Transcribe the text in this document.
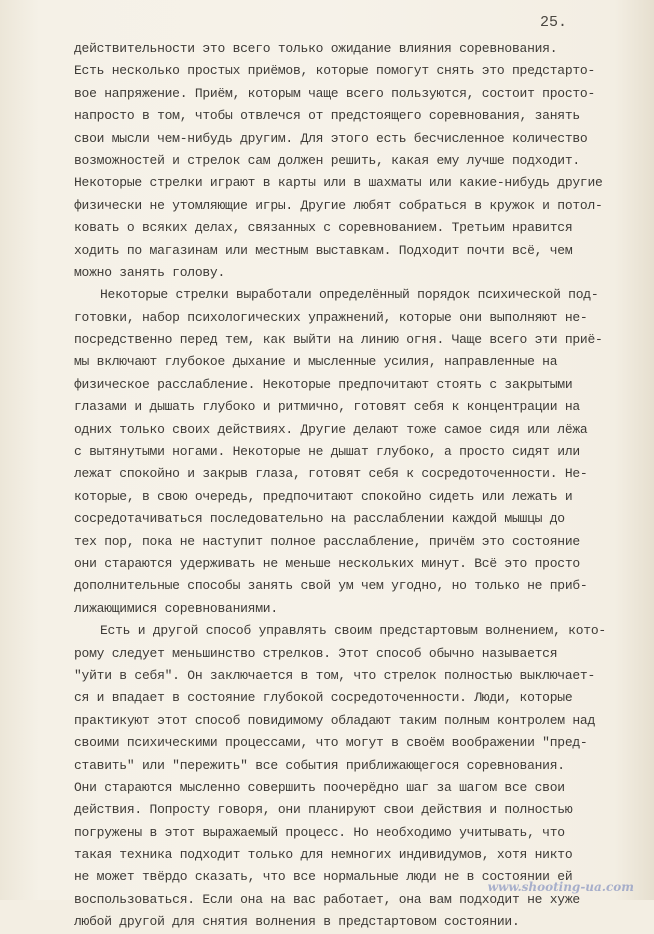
25.
действительности это всего только ожидание влияния соревнования.
Есть несколько простых приёмов, которые помогут снять это предстарто-
вое напряжение. Приём, которым чаще всего пользуются, состоит просто-
напросто в том, чтобы отвлечся от предстоящего соревнования, занять
свои мысли чем-нибудь другим. Для этого есть бесчисленное количество
возможностей и стрелок сам должен решить, какая ему лучше подходит.
Некоторые стрелки играют в карты или в шахматы или какие-нибудь другие
физически не утомляющие игры. Другие любят собраться в кружок и потол-
ковать о всяких делах, связанных с соревнованием. Третьим нравится
ходить по магазинам или местным выставкам. Подходит почти всё, чем
можно занять голову.
Некоторые стрелки выработали определённый порядок психической под-
готовки, набор психологических упражнений, которые они выполняют не-
посредственно перед тем, как выйти на линию огня. Чаще всего эти приё-
мы включают глубокое дыхание и мысленные усилия, направленные на
физическое расслабление. Некоторые предпочитают стоять с закрытыми
глазами и дышать глубоко и ритмично, готовят себя к концентрации на
одних только своих действиях. Другие делают тоже самое сидя или лёжа
с вытянутыми ногами. Некоторые не дышат глубоко, а просто сидят или
лежат спокойно и закрыв глаза, готовят себя к сосредоточенности. Не-
которые, в свою очередь, предпочитают спокойно сидеть или лежать и
сосредотачиваться последовательно на расслаблении каждой мышцы до
тех пор, пока не наступит полное расслабление, причём это состояние
они стараются удерживать не меньше нескольких минут. Всё это просто
дополнительные способы занять свой ум чем угодно, но только не приб-
лижающимися соревнованиями.
Есть и другой способ управлять своим предстартовым волнением, кото-
рому следует меньшинство стрелков. Этот способ обычно называется
"уйти в себя". Он заключается в том, что стрелок полностью выключает-
ся и впадает в состояние глубокой сосредоточенности. Люди, которые
практикуют этот способ повидимому обладают таким полным контролем над
своими психическими процессами, что могут в своём воображении "пред-
ставить" или "пережить" все события приближающегося соревнования.
Они стараются мысленно совершить поочерёдно шаг за шагом все свои
действия. Попросту говоря, они планируют свои действия и полностью
погружены в этот выражаемый процесс. Но необходимо учитывать, что
такая техника подходит только для немногих индивидумов, хотя никто
не может твёрдо сказать, что все нормальные люди не в состоянии ей
воспользоваться. Если она на вас работает, она вам подходит не хуже
любой другой для снятия волнения в предстартовом состоянии.
www.shooting-ua.com
